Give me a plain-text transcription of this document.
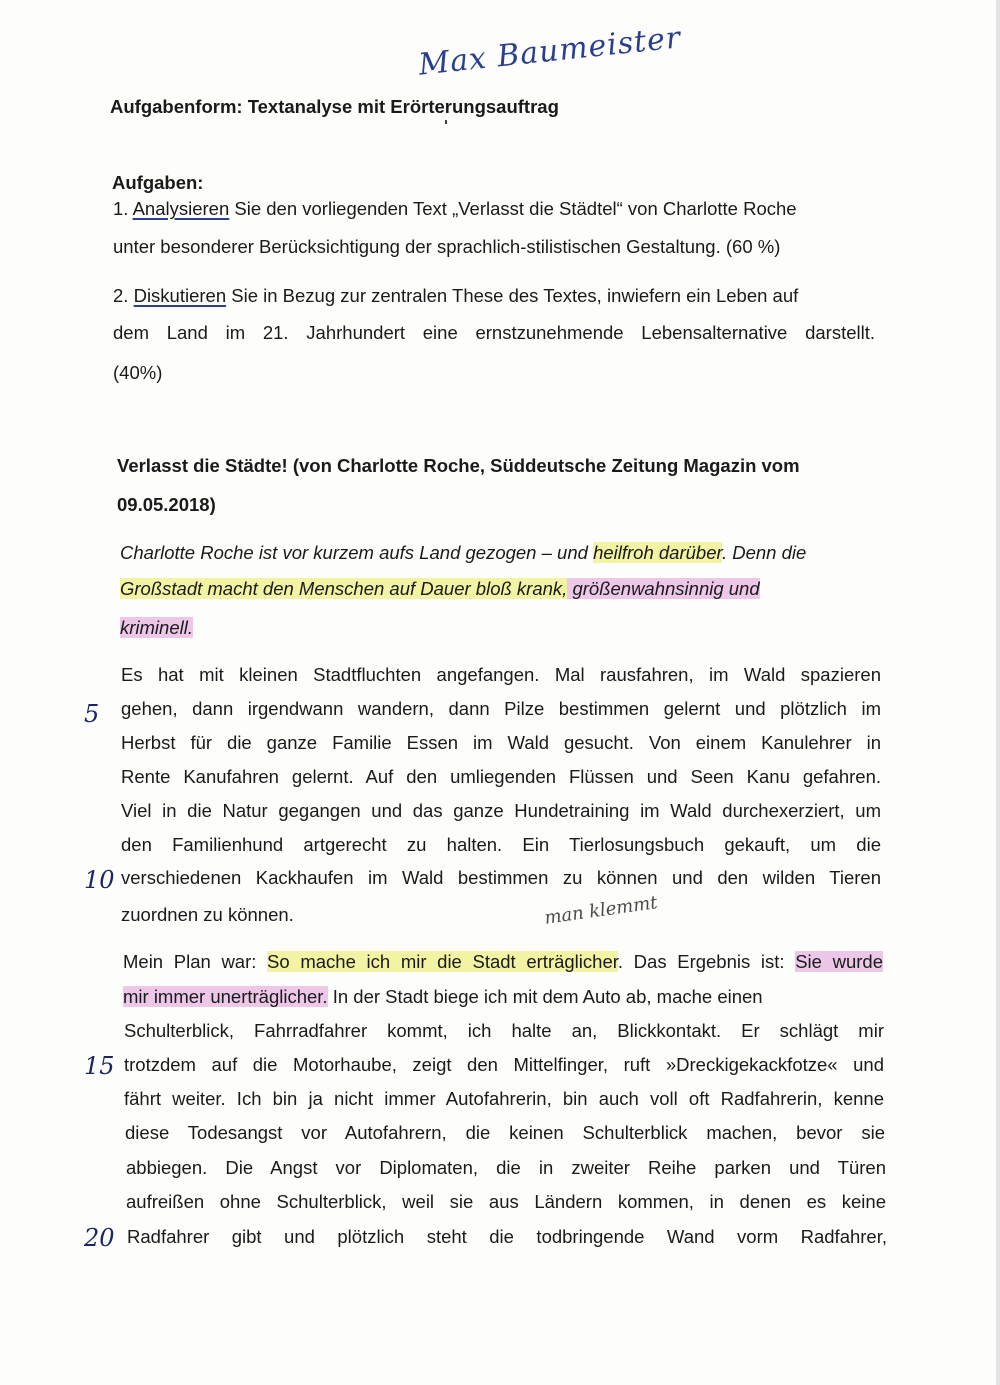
Max Baumeister
Aufgabenform: Textanalyse mit Erörterungsauftrag
Aufgaben:
1. Analysieren Sie den vorliegenden Text „Verlasst die Städtel“ von Charlotte Roche
unter besonderer Berücksichtigung der sprachlich-stilistischen Gestaltung. (60 %)
2. Diskutieren Sie in Bezug zur zentralen These des Textes, inwiefern ein Leben auf
dem Land im 21. Jahrhundert eine ernstzunehmende Lebensalternative darstellt.
(40%)
Verlasst die Städte! (von Charlotte Roche, Süddeutsche Zeitung Magazin vom
09.05.2018)
Charlotte Roche ist vor kurzem aufs Land gezogen – und heilfroh darüber. Denn die
Großstadt macht den Menschen auf Dauer bloß krank, größenwahnsinnig und
kriminell.
Es hat mit kleinen Stadtfluchten angefangen. Mal rausfahren, im Wald spazieren
gehen, dann irgendwann wandern, dann Pilze bestimmen gelernt und plötzlich im
Herbst für die ganze Familie Essen im Wald gesucht. Von einem Kanulehrer in
Rente Kanufahren gelernt. Auf den umliegenden Flüssen und Seen Kanu gefahren.
Viel in die Natur gegangen und das ganze Hundetraining im Wald durchexerziert, um
den Familienhund artgerecht zu halten. Ein Tierlosungsbuch gekauft, um die
verschiedenen Kackhaufen im Wald bestimmen zu können und den wilden Tieren
zuordnen zu können.	man klemmt
Mein Plan war: So mache ich mir die Stadt erträglicher. Das Ergebnis ist: Sie wurde
mir immer unerträglicher. In der Stadt biege ich mit dem Auto ab, mache einen
Schulterblick, Fahrradfahrer kommt, ich halte an, Blickkontakt. Er schlägt mir
trotzdem auf die Motorhaube, zeigt den Mittelfinger, ruft »Dreckigekackfotze« und
fährt weiter. Ich bin ja nicht immer Autofahrerin, bin auch voll oft Radfahrerin, kenne
diese Todesangst vor Autofahrern, die keinen Schulterblick machen, bevor sie
abbiegen. Die Angst vor Diplomaten, die in zweiter Reihe parken und Türen
aufreißen ohne Schulterblick, weil sie aus Ländern kommen, in denen es keine
Radfahrer gibt und plötzlich steht die todbringende Wand vorm Radfahrer,
5
10
15
20
